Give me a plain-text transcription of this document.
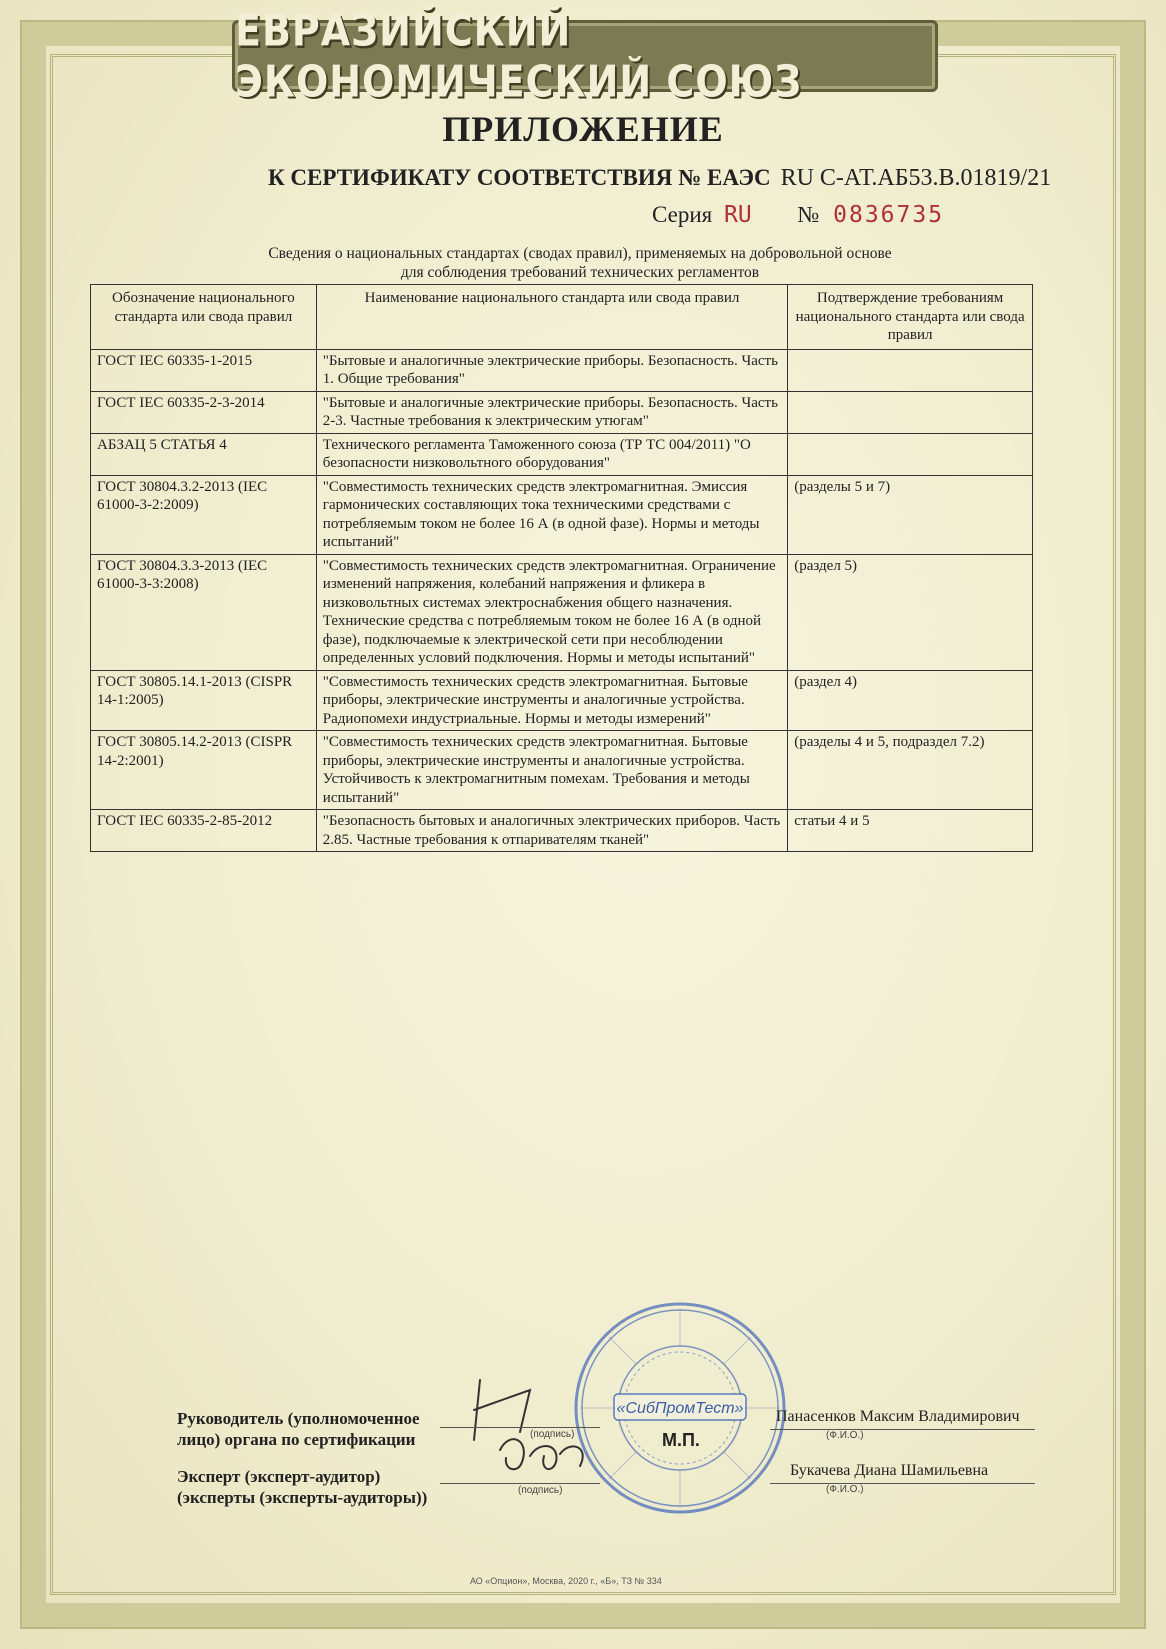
ЕВРАЗИЙСКИЙ ЭКОНОМИЧЕСКИЙ СОЮЗ
ПРИЛОЖЕНИЕ
К СЕРТИФИКАТУ СООТВЕТСТВИЯ № ЕАЭС RU С-АТ.АБ53.В.01819/21
Серия RU № 0836735
Сведения о национальных стандартах (сводах правил), применяемых на добровольной основе
для соблюдения требований технических регламентов
Обозначение национального стандарта или свода правил	Наименование национального стандарта или свода правил	Подтверждение требованиям национального стандарта или свода правил
ГОСТ IEC 60335-1-2015	"Бытовые и аналогичные электрические приборы. Безопасность. Часть 1. Общие требования"	
ГОСТ IEC 60335-2-3-2014	"Бытовые и аналогичные электрические приборы. Безопасность. Часть 2-3. Частные требования к электрическим утюгам"	
АБЗАЦ 5 СТАТЬЯ 4	Технического регламента Таможенного союза (ТР ТС 004/2011) "О безопасности низковольтного оборудования"	
ГОСТ 30804.3.2-2013 (IEC 61000-3-2:2009)	"Совместимость технических средств электромагнитная. Эмиссия гармонических составляющих тока техническими средствами с потребляемым током не более 16 А (в одной фазе). Нормы и методы испытаний"	(разделы 5 и 7)
ГОСТ 30804.3.3-2013 (IEC 61000-3-3:2008)	"Совместимость технических средств электромагнитная. Ограничение изменений напряжения, колебаний напряжения и фликера в низковольтных системах электроснабжения общего назначения. Технические средства с потребляемым током не более 16 А (в одной фазе), подключаемые к электрической сети при несоблюдении определенных условий подключения. Нормы и методы испытаний"	(раздел 5)
ГОСТ 30805.14.1-2013 (CISPR 14-1:2005)	"Совместимость технических средств электромагнитная. Бытовые приборы, электрические инструменты и аналогичные устройства. Радиопомехи индустриальные. Нормы и методы измерений"	(раздел 4)
ГОСТ 30805.14.2-2013 (CISPR 14-2:2001)	"Совместимость технических средств электромагнитная. Бытовые приборы, электрические инструменты и аналогичные устройства. Устойчивость к электромагнитным помехам. Требования и методы испытаний"	(разделы 4 и 5, подраздел 7.2)
ГОСТ IEC 60335-2-85-2012	"Безопасность бытовых и аналогичных электрических приборов. Часть 2.85. Частные требования к отпаривателям тканей"	статьи 4 и 5
«СибПромТест»
Руководитель (уполномоченное
лицо) органа по сертификации
Эксперт (эксперт-аудитор)
(эксперты (эксперты-аудиторы))
(подпись)
(подпись)
М.П.
Панасенков Максим Владимирович
(Ф.И.О.)
Букачева Диана Шамильевна
(Ф.И.О.)
АО «Опцион», Москва, 2020 г., «Б», ТЗ № 334
